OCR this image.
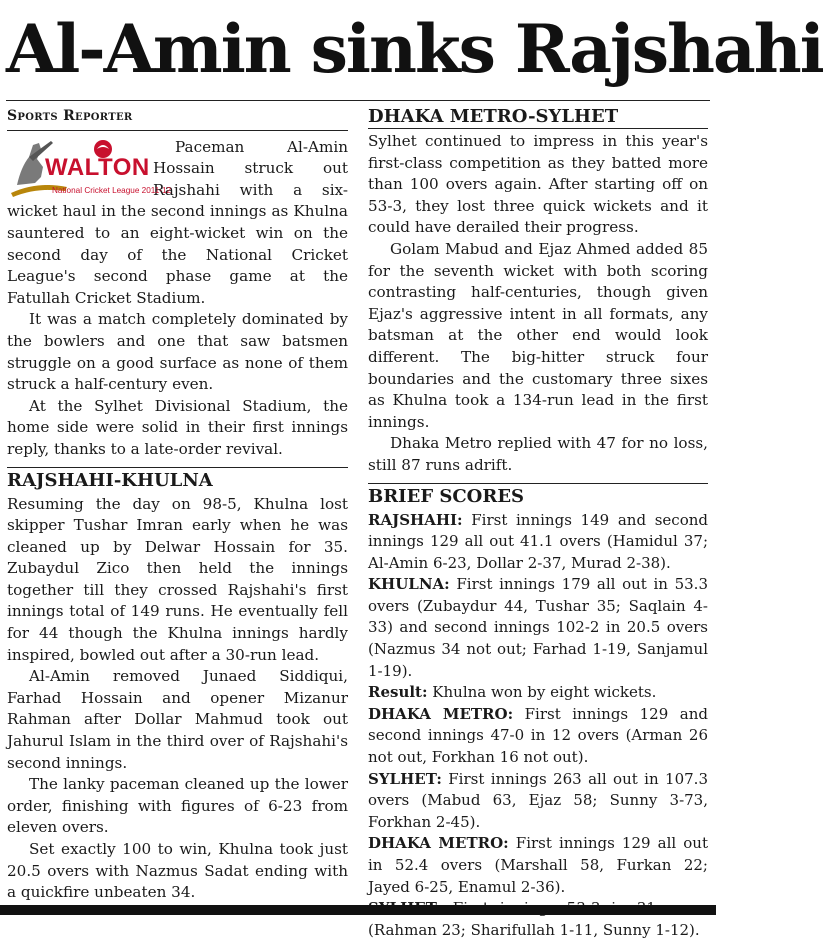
Al-Amin sinks Rajshahi
Sports Reporter
WALTON
13 National Cricket League 2011-12

Paceman Al-Amin Hossain struck out Rajshahi with a six-wicket haul in the second innings as Khulna sauntered to an eight-wicket win on the second day of the National Cricket League's second phase game at the Fatullah Cricket Stadium.

It was a match completely dominated by the bowlers and one that saw batsmen struggle on a good surface as none of them struck a half-century even.

At the Sylhet Divisional Stadium, the home side were solid in their first innings reply, thanks to a late-order revival.

RAJSHAHI-KHULNA

Resuming the day on 98-5, Khulna lost skipper Tushar Imran early when he was cleaned up by Delwar Hossain for 35. Zubaydul Zico then held the innings together till they crossed Rajshahi's first innings total of 149 runs. He eventually fell for 44 though the Khulna innings hardly inspired, bowled out after a 30-run lead.

Al-Amin removed Junaed Siddiqui, Farhad Hossain and opener Mizanur Rahman after Dollar Mahmud took out Jahurul Islam in the third over of Rajshahi's second innings.

The lanky paceman cleaned up the lower order, finishing with figures of 6-23 from eleven overs.

Set exactly 100 to win, Khulna took just 20.5 overs with Nazmus Sadat ending with a quickfire unbeaten 34.

DHAKA METRO-SYLHET

Sylhet continued to impress in this year's first-class competition as they batted more than 100 overs again. After starting off on 53-3, they lost three quick wickets and it could have derailed their progress.

Golam Mabud and Ejaz Ahmed added 85 for the seventh wicket with both scoring contrasting half-centuries, though given Ejaz's aggressive intent in all formats, any batsman at the other end would look different. The big-hitter struck four boundaries and the customary three sixes as Khulna took a 134-run lead in the first innings.

Dhaka Metro replied with 47 for no loss, still 87 runs adrift.

BRIEF SCORES

RAJSHAHI: First innings 149 and second innings 129 all out 41.1 overs (Hamidul 37; Al-Amin 6-23, Dollar 2-37, Murad 2-38).

KHULNA: First innings 179 all out in 53.3 overs (Zubaydur 44, Tushar 35; Saqlain 4-33) and second innings 102-2 in 20.5 overs (Nazmus 34 not out; Farhad 1-19, Sanjamul 1-19).

Result: Khulna won by eight wickets.

DHAKA METRO: First innings 129 and second innings 47-0 in 12 overs (Arman 26 not out, Forkhan 16 not out).

SYLHET: First innings 263 all out in 107.3 overs (Mabud 63, Ejaz 58; Sunny 3-73, Forkhan 2-45).

DHAKA METRO: First innings 129 all out in 52.4 overs (Marshall 58, Furkan 22; Jayed 6-25, Enamul 2-36).

(Rahman 23; Sharifullah 1-11, Sunny 1-12).
